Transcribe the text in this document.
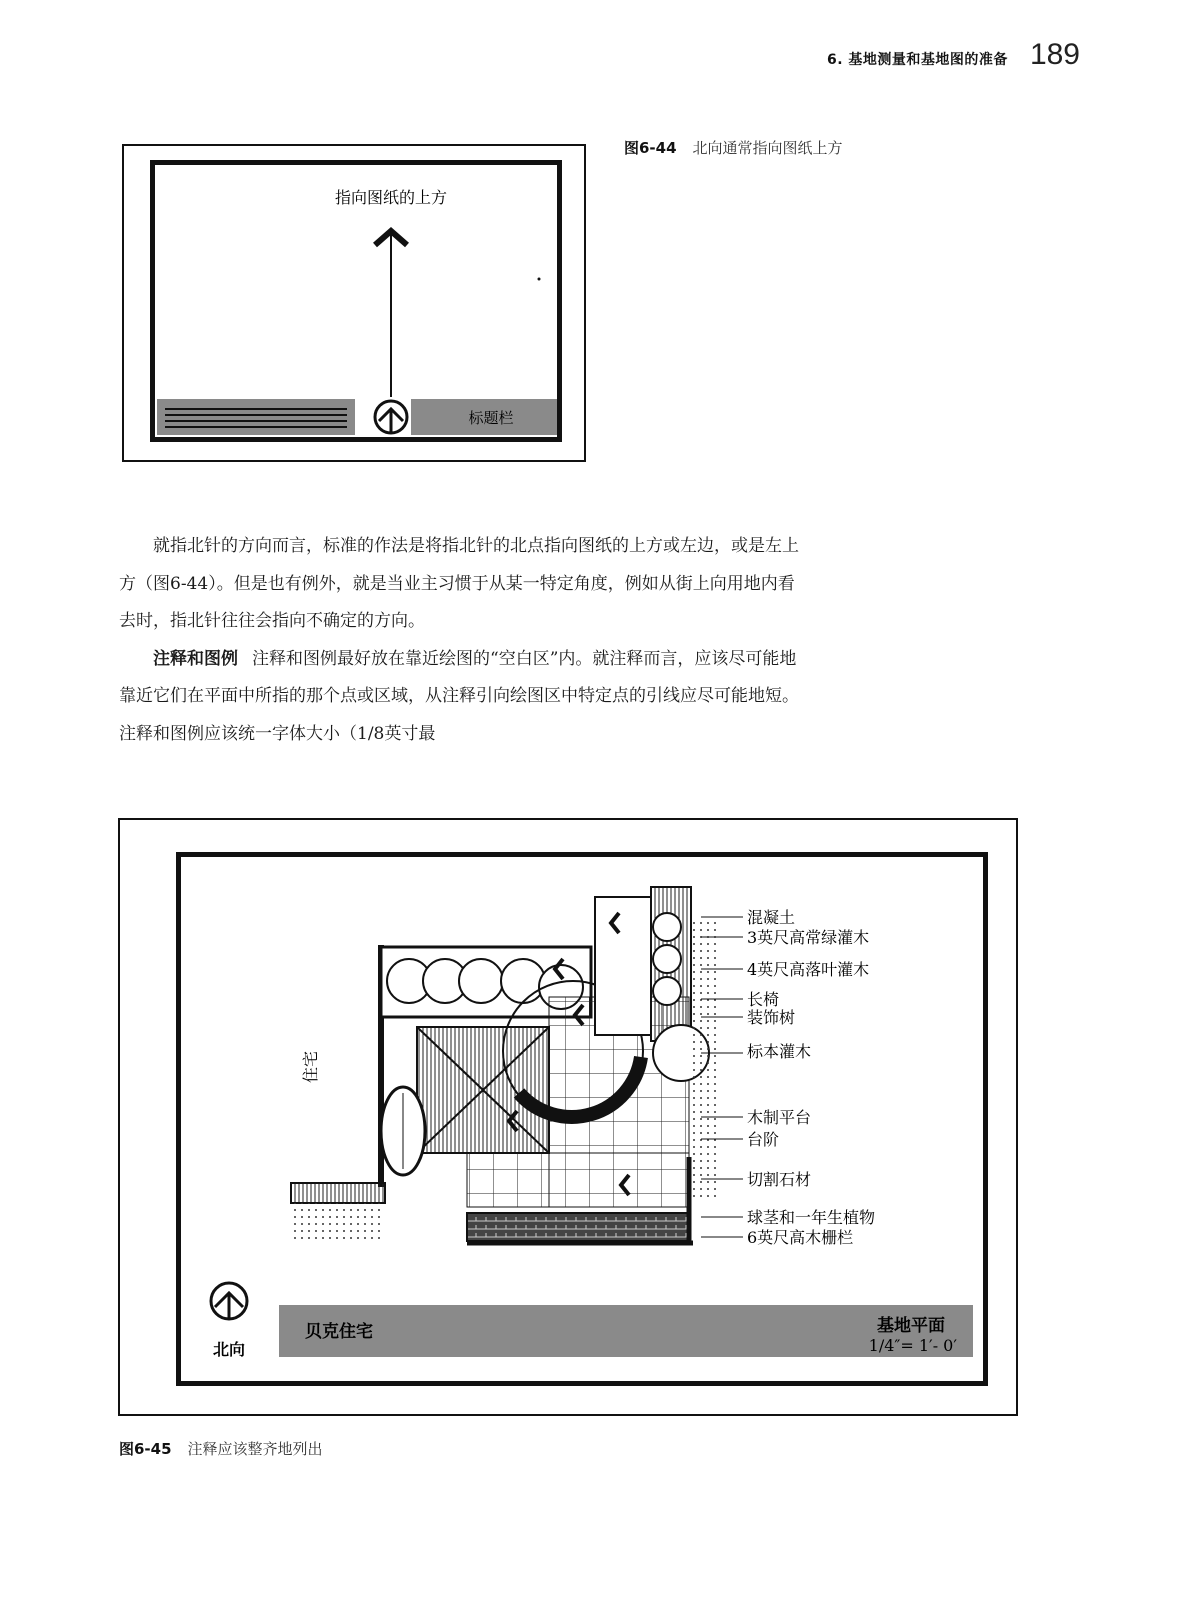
6. 基地测量和基地图的准备 189
指向图纸的上方
标题栏
图6-44 北向通常指向图纸上方

就指北针的方向而言，标准的作法是将指北针的北点指向图纸的上方或左边，或是左上方（图6-44）。但是也有例外，就是当业主习惯于从某一特定角度，例如从街上向用地内看去时，指北针往往会指向不确定的方向。

注释和图例 注释和图例最好放在靠近绘图的“空白区”内。就注释而言，应该尽可能地靠近它们在平面中所指的那个点或区域，从注释引向绘图区中特定点的引线应尽可能地短。注释和图例应该统一字体大小（1/8英寸最

住宅
混凝土
3英尺高常绿灌木
4英尺高落叶灌木
长椅
装饰树
标本灌木
木制平台
台阶
切割石材
球茎和一年生植物
6英尺高木栅栏
北向
贝克住宅	基地平面
1/4″= 1′- 0′
图6-45 注释应该整齐地列出
